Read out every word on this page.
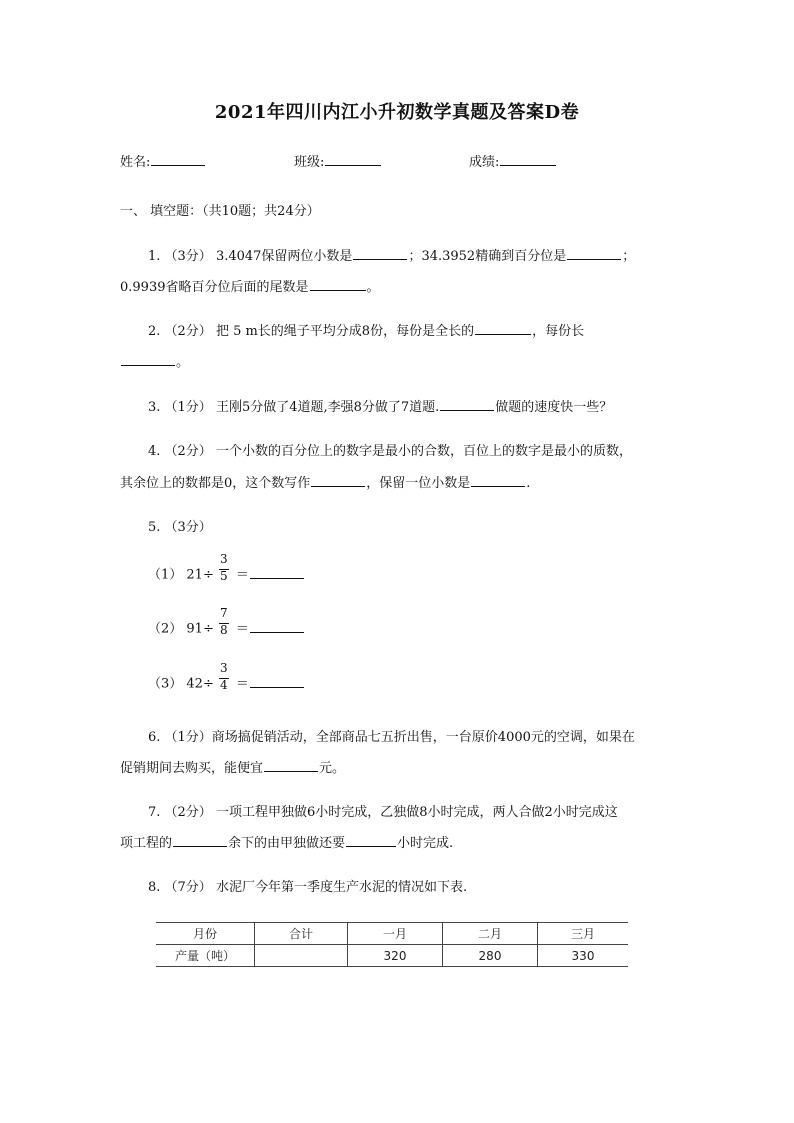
2021年四川内江小升初数学真题及答案D卷
姓名:	班级:	成绩:
一、 填空题：（共10题；共24分）
1. （3分） 3.4047保留两位小数是	；34.3952精确到百分位是	；
0.9939省略百分位后面的尾数是	。
2. （2分） 把 5 m长的绳子平均分成8份，每份是全长的	，每份长
。
3. （1分） 王刚5分做了4道题,李强8分做了7道题.	做题的速度快一些？
4. （2分） 一个小数的百分位上的数字是最小的合数，百位上的数字是最小的质数，
其余位上的数都是0，这个数写作	，保留一位小数是	.
5. （3分）
（1） $21\div \frac{3}{5}$ ＝
（2） $91\div \frac{7}{8}$ ＝
（3） $42\div \frac{3}{4}$ ＝
6. （1分）商场搞促销活动，全部商品七五折出售，一台原价4000元的空调，如果在
促销期间去购买，能便宜	元。
7. （2分） 一项工程甲独做6小时完成，乙独做8小时完成，两人合做2小时完成这
项工程的	余下的由甲独做还要	小时完成.
8. （7分） 水泥厂今年第一季度生产水泥的情况如下表.
月份	合计	一月	二月	三月
产量（吨）		320	280	330
